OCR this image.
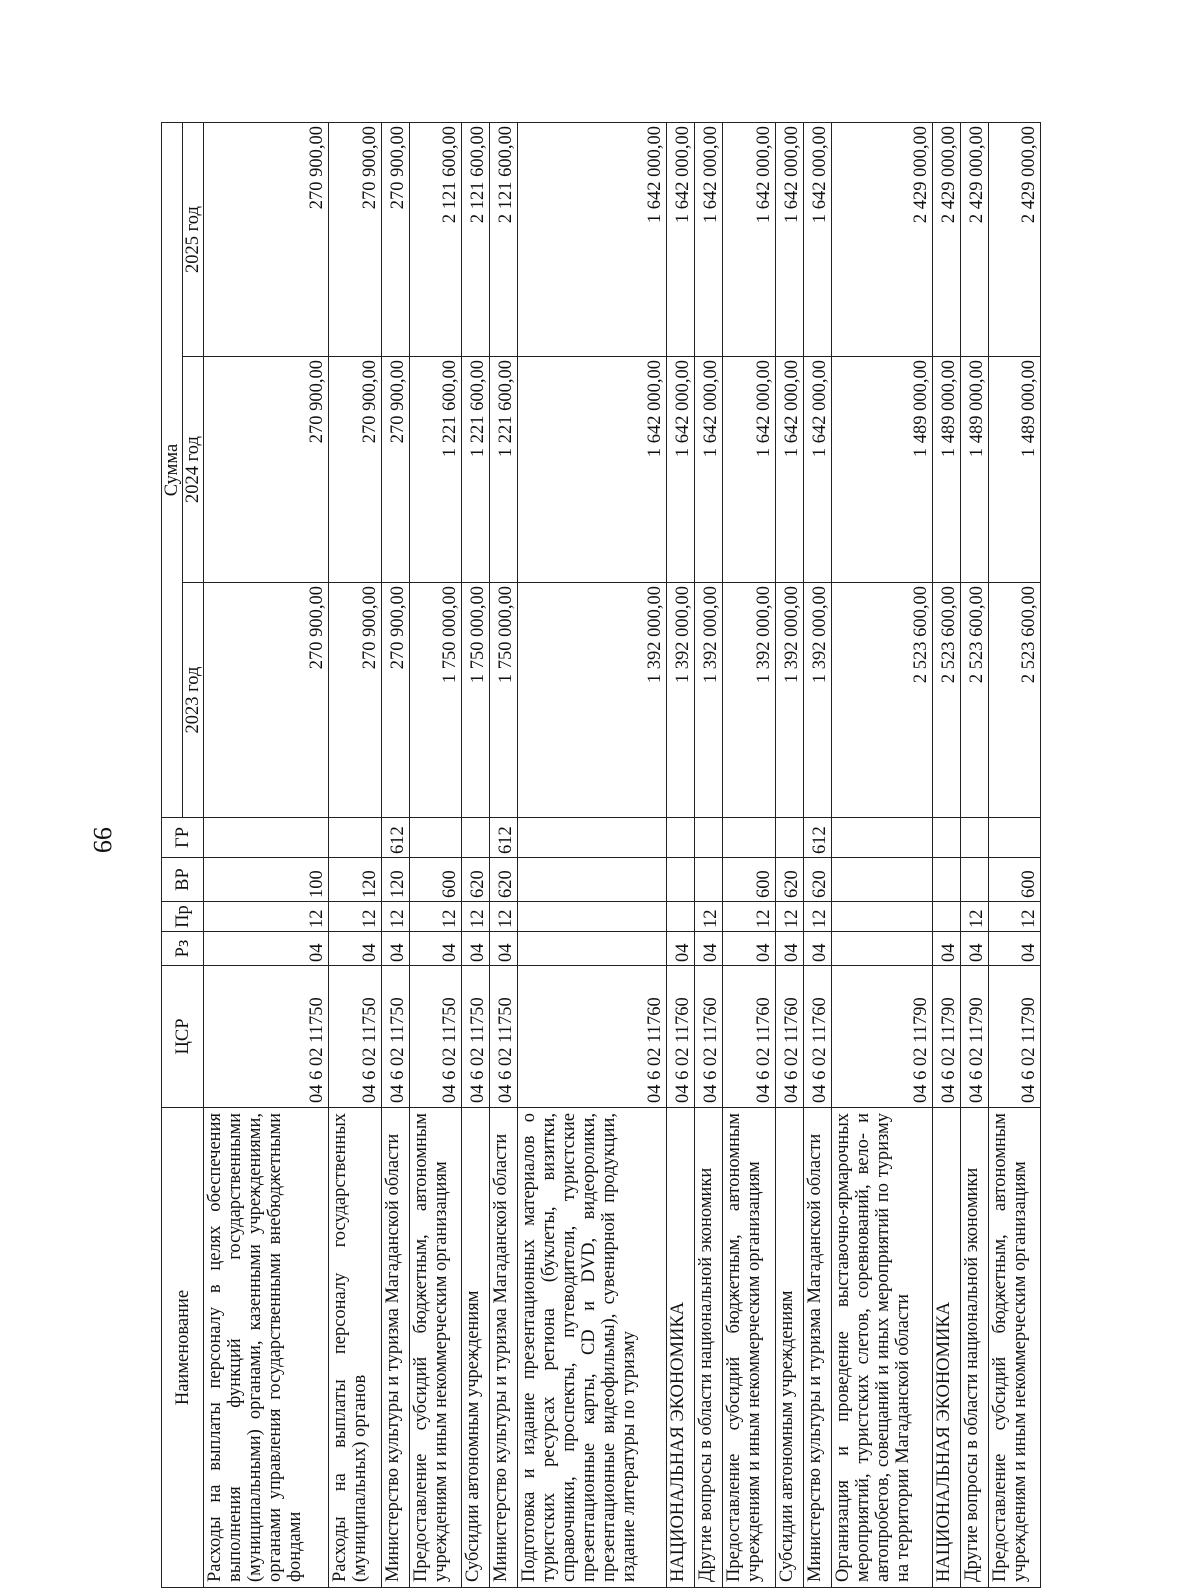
99
Наименование	ЦСР	Рз	Пр	ВР	ГР	Сумма		
						2023 год	2024 год	2025 год
Расходы на выплаты персоналу в целях обеспечения выполнения функций государственными (муниципальными) органами, казенными учреждениями, органами управления государственными внебюджетными фондами	04 6 02 11750	04	12	100		270 900,00	270 900,00	270 900,00
Расходы на выплаты персоналу государственных (муниципальных) органов	04 6 02 11750	04	12	120		270 900,00	270 900,00	270 900,00
Министерство культуры и туризма Магаданской области	04 6 02 11750	04	12	120	612	270 900,00	270 900,00	270 900,00
Предоставление субсидий бюджетным, автономным учреждениям и иным некоммерческим организациям	04 6 02 11750	04	12	600		1 750 000,00	1 221 600,00	2 121 600,00
Субсидии автономным учреждениям	04 6 02 11750	04	12	620		1 750 000,00	1 221 600,00	2 121 600,00
Министерство культуры и туризма Магаданской области	04 6 02 11750	04	12	620	612	1 750 000,00	1 221 600,00	2 121 600,00
Подготовка и издание презентационных материалов о туристских ресурсах региона (буклеты, визитки, справочники, проспекты, путеводители, туристские презентационные карты, CD и DVD, видеоролики, презентационные видеофильмы), сувенирной продукции, издание литературы по туризму	04 6 02 11760					1 392 000,00	1 642 000,00	1 642 000,00
НАЦИОНАЛЬНАЯ ЭКОНОМИКА	04 6 02 11760	04				1 392 000,00	1 642 000,00	1 642 000,00
Другие вопросы в области национальной экономики	04 6 02 11760	04	12			1 392 000,00	1 642 000,00	1 642 000,00
Предоставление субсидий бюджетным, автономным учреждениям и иным некоммерческим организациям	04 6 02 11760	04	12	600		1 392 000,00	1 642 000,00	1 642 000,00
Субсидии автономным учреждениям	04 6 02 11760	04	12	620		1 392 000,00	1 642 000,00	1 642 000,00
Министерство культуры и туризма Магаданской области	04 6 02 11760	04	12	620	612	1 392 000,00	1 642 000,00	1 642 000,00
Организация и проведение выставочно-ярмарочных мероприятий, туристских слетов, соревнований, вело- и автопробегов, совещаний и иных мероприятий по туризму на территории Магаданской области	04 6 02 11790					2 523 600,00	1 489 000,00	2 429 000,00
НАЦИОНАЛЬНАЯ ЭКОНОМИКА	04 6 02 11790	04				2 523 600,00	1 489 000,00	2 429 000,00
Другие вопросы в области национальной экономики	04 6 02 11790	04	12			2 523 600,00	1 489 000,00	2 429 000,00
Предоставление субсидий бюджетным, автономным учреждениям и иным некоммерческим организациям	04 6 02 11790	04	12	600		2 523 600,00	1 489 000,00	2 429 000,00
